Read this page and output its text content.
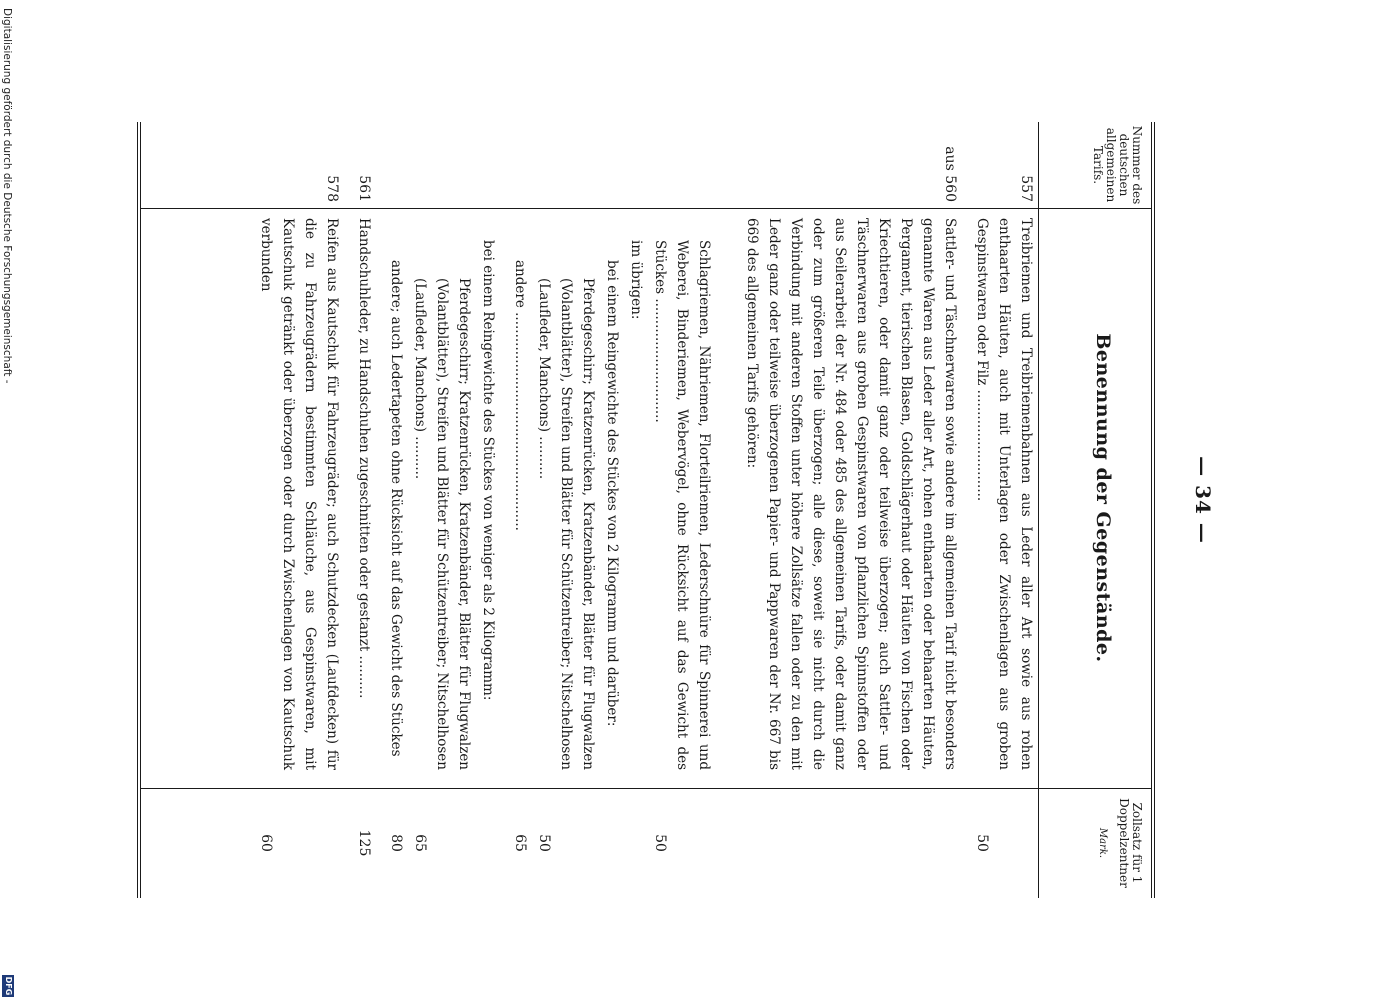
— 34 —
Nummer des deutschen allgemeinen Tarifs.
Benennung der Gegenstände.
Zollsatz für 1 Doppelzentner
Mark.
557
Treibriemen und Treibriemenbahnen aus Leder aller Art sowie aus rohen enthaarten Häuten, auch mit Unterlagen oder Zwischenlagen aus groben Gespinstwaren oder Filz ..........................
50
aus 560
Sattler- und Täschnerwaren sowie andere im allgemeinen Tarif nicht besonders genannte Waren aus Leder aller Art, rohen enthaarten oder behaarten Häuten, Pergament, tierischen Blasen, Goldschlägerhaut oder Häuten von Fischen oder Kriechtieren, oder damit ganz oder teilweise überzogen; auch Sattler- und Täschnerwaren aus groben Gespinstwaren von pflanzlichen Spinnstoffen oder aus Seilerarbeit der Nr. 484 oder 485 des allgemeinen Tarifs, oder damit ganz oder zum größeren Teile überzogen; alle diese, soweit sie nicht durch die Verbindung mit anderen Stoffen unter höhere Zollsätze fallen oder zu den mit Leder ganz oder teilweise überzogenen Papier- und Pappwaren der Nr. 667 bis 669 des allgemeinen Tarifs gehören:
Schlagriemen, Nähriemen, Florteilriemen, Lederschnüre für Spinnerei und Weberei, Binderiemen, Webervögel, ohne Rücksicht auf das Gewicht des Stückes .............................
50
im übrigen:
bei einem Reingewichte des Stückes von 2 Kilogramm und darüber:
Pferdegeschirr; Kratzenrücken, Kratzenbänder, Blätter für Flugwalzen (Volantblätter), Streifen und Blätter für Schützentreiber; Nitschelhosen (Laufleder, Manchons) ..........
50
andere ...................................................
65
bei einem Reingewichte des Stückes von weniger als 2 Kilogramm:
Pferdegeschirr; Kratzenrücken, Kratzenbänder, Blätter für Flugwalzen (Volantblätter), Streifen und Blätter für Schützentreiber; Nitschelhosen (Laufleder, Manchons) ..........
65
andere; auch Ledertapeten ohne Rücksicht auf das Gewicht des Stückes
80
561
Handschuhleder, zu Handschuhen zugeschnitten oder gestanzt ..........
125
578
Reifen aus Kautschuk für Fahrzeugräder; auch Schutzdecken (Laufdecken) für die zu Fahrzeugrädern bestimmten Schläuche, aus Gespinstwaren, mit Kautschuk getränkt oder überzogen oder durch Zwischenlagen von Kautschuk verbunden
60
Digitalisierung gefördert durch die Deutsche Forschungsgemeinschaft -
DFG
